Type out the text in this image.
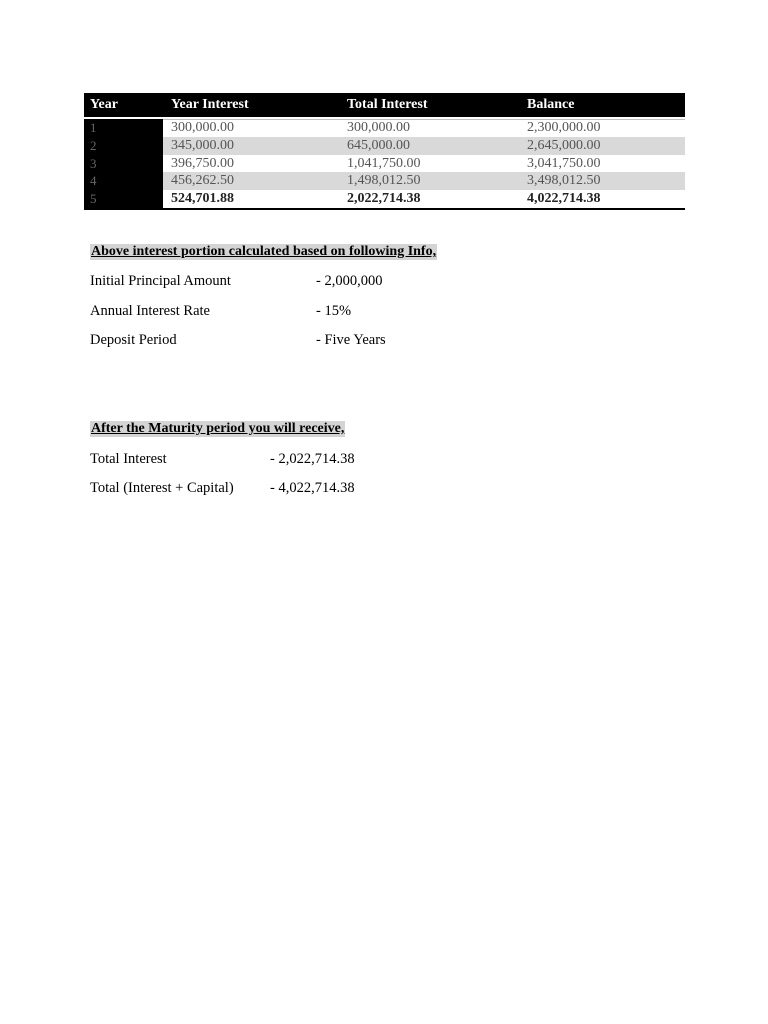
Year	Year Interest	Total Interest	Balance
1	300,000.00	300,000.00	2,300,000.00
2	345,000.00	645,000.00	2,645,000.00
3	396,750.00	1,041,750.00	3,041,750.00
4	456,262.50	1,498,012.50	3,498,012.50
5	524,701.88	2,022,714.38	4,022,714.38
Above interest portion calculated based on following Info,
Initial Principal Amount	- 2,000,000
Annual Interest Rate	- 15%
Deposit Period	- Five Years
After the Maturity period you will receive,
Total Interest	- 2,022,714.38
Total (Interest + Capital)	- 4,022,714.38
